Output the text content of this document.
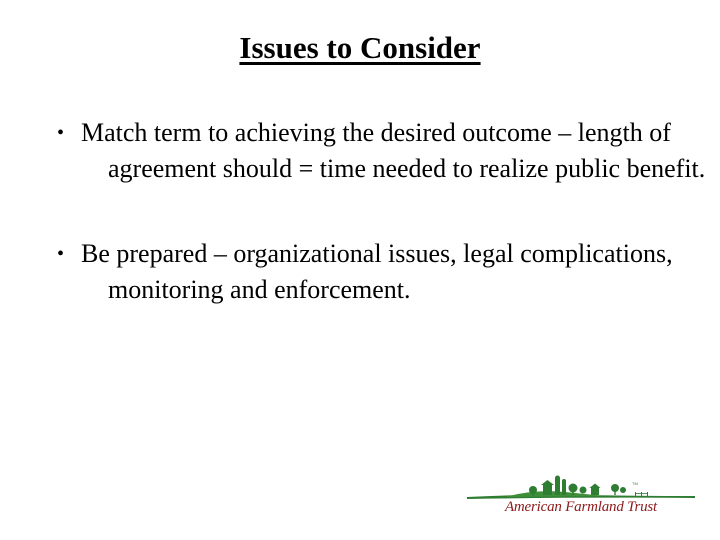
Issues to Consider
• Match term to achieving the desired outcome – length of agreement should = time needed to realize public benefit.
• Be prepared – organizational issues, legal complications, monitoring and enforcement.
TM
American Farmland Trust
